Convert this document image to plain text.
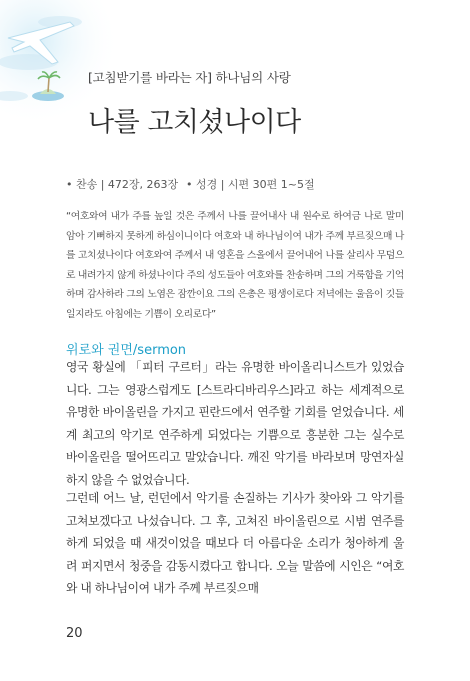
[고침받기를 바라는 자] 하나님의 사랑
나를 고치셨나이다
• 찬송 | 472장, 263장 • 성경 | 시편 30편 1~5절
“여호와여 내가 주를 높일 것은 주께서 나를 끌어내사 내 원수로 하여금 나로 말미암아 기뻐하지 못하게 하심이니이다 여호와 내 하나님이여 내가 주께 부르짖으매 나를 고치셨나이다 여호와여 주께서 내 영혼을 스올에서 끌어내어 나를 살리사 무덤으로 내려가지 않게 하셨나이다 주의 성도들아 여호와를 찬송하며 그의 거룩함을 기억하며 감사하라 그의 노염은 잠깐이요 그의 은총은 평생이로다 저녁에는 울음이 깃들일지라도 아침에는 기쁨이 오리로다”
위로와 권면/sermon
영국 황실에 「피터 구르터」라는 유명한 바이올리니스트가 있었습니다. 그는 영광스럽게도 [스트라디바리우스]라고 하는 세계적으로 유명한 바이올린을 가지고 핀란드에서 연주할 기회를 얻었습니다. 세계 최고의 악기로 연주하게 되었다는 기쁨으로 흥분한 그는 실수로 바이올린을 떨어뜨리고 말았습니다. 깨진 악기를 바라보며 망연자실하지 않을 수 없었습니다.
그런데 어느 날, 런던에서 악기를 손질하는 기사가 찾아와 그 악기를 고쳐보겠다고 나섰습니다. 그 후, 고쳐진 바이올린으로 시범 연주를 하게 되었을 때 새것이었을 때보다 더 아름다운 소리가 청아하게 울려 퍼지면서 청중을 감동시켰다고 합니다. 오늘 말씀에 시인은 “여호와 내 하나님이여 내가 주께 부르짖으매
20
